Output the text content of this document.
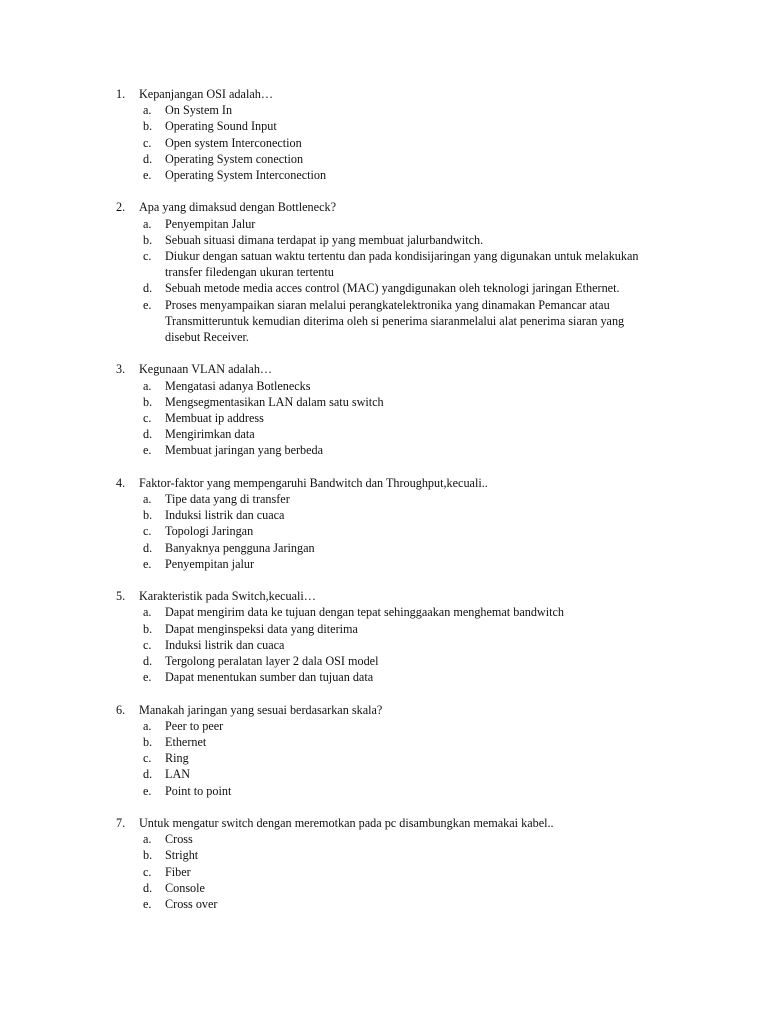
1.	Kepanjangan OSI adalah…
a.	On System In
b.	Operating Sound Input
c.	Open system Interconection
d.	Operating System conection
e.	Operating System Interconection
2.	Apa yang dimaksud dengan Bottleneck?
a.	Penyempitan Jalur
b.	Sebuah situasi dimana terdapat ip yang membuat jalurbandwitch.
c.	Diukur dengan satuan waktu tertentu dan pada kondisijaringan yang digunakan untuk melakukan
transfer filedengan ukuran tertentu
d.	Sebuah metode media acces control (MAC) yangdigunakan oleh teknologi jaringan Ethernet.
e.	Proses menyampaikan siaran melalui perangkatelektronika yang dinamakan Pemancar atau
Transmitteruntuk kemudian diterima oleh si penerima siaranmelalui alat penerima siaran yang
disebut Receiver.
3.	Kegunaan VLAN adalah…
a.	Mengatasi adanya Botlenecks
b.	Mengsegmentasikan LAN dalam satu switch
c.	Membuat ip address
d.	Mengirimkan data
e.	Membuat jaringan yang berbeda
4.	Faktor-faktor yang mempengaruhi Bandwitch dan Throughput,kecuali..
a.	Tipe data yang di transfer
b.	Induksi listrik dan cuaca
c.	Topologi Jaringan
d.	Banyaknya pengguna Jaringan
e.	Penyempitan jalur
5.	Karakteristik pada Switch,kecuali…
a.	Dapat mengirim data ke tujuan dengan tepat sehinggaakan menghemat bandwitch
b.	Dapat menginspeksi data yang diterima
c.	Induksi listrik dan cuaca
d.	Tergolong peralatan layer 2 dala OSI model
e.	Dapat menentukan sumber dan tujuan data
6.	Manakah jaringan yang sesuai berdasarkan skala?
a.	Peer to peer
b.	Ethernet
c.	Ring
d.	LAN
e.	Point to point
7.	Untuk mengatur switch dengan meremotkan pada pc disambungkan memakai kabel..
a.	Cross
b.	Stright
c.	Fiber
d.	Console
e.	Cross over
